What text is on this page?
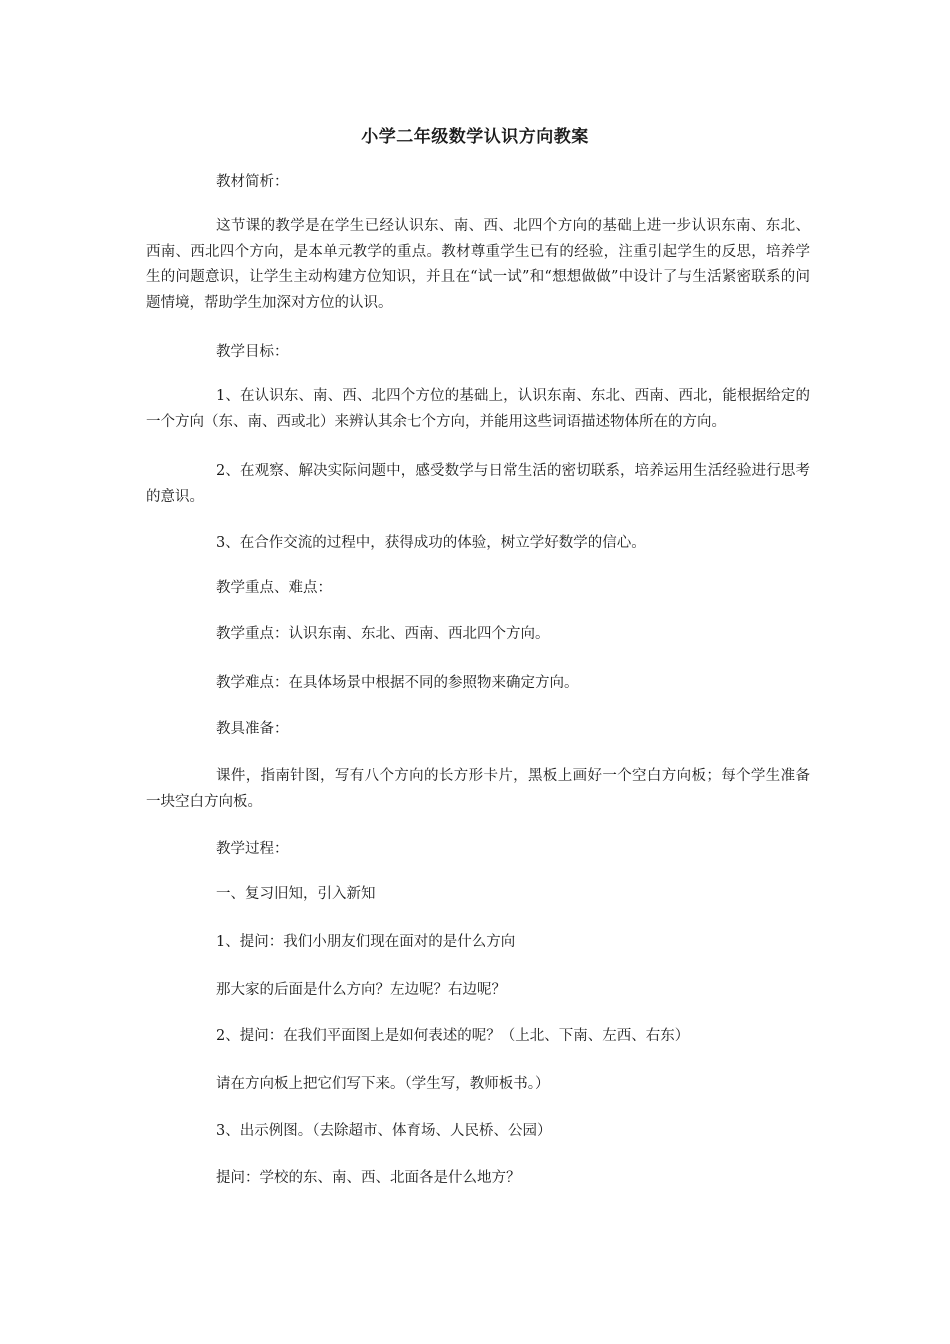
小学二年级数学认识方向教案

教材简析：

这节课的教学是在学生已经认识东、南、西、北四个方向的基础上进一步认识东南、东北、西南、西北四个方向，是本单元教学的重点。教材尊重学生已有的经验，注重引起学生的反思，培养学生的问题意识，让学生主动构建方位知识，并且在“试一试”和“想想做做”中设计了与生活紧密联系的问题情境，帮助学生加深对方位的认识。

教学目标：

1、在认识东、南、西、北四个方位的基础上，认识东南、东北、西南、西北，能根据给定的一个方向（东、南、西或北）来辨认其余七个方向，并能用这些词语描述物体所在的方向。

2、在观察、解决实际问题中，感受数学与日常生活的密切联系，培养运用生活经验进行思考的意识。

3、在合作交流的过程中，获得成功的体验，树立学好数学的信心。

教学重点、难点：

教学重点：认识东南、东北、西南、西北四个方向。

教学难点：在具体场景中根据不同的参照物来确定方向。

教具准备：

课件，指南针图，写有八个方向的长方形卡片，黑板上画好一个空白方向板；每个学生准备一块空白方向板。

教学过程：

一、复习旧知，引入新知

1、提问：我们小朋友们现在面对的是什么方向

那大家的后面是什么方向？左边呢？右边呢？

2、提问：在我们平面图上是如何表述的呢？（上北、下南、左西、右东）

请在方向板上把它们写下来。（学生写，教师板书。）

3、出示例图。（去除超市、体育场、人民桥、公园）

提问：学校的东、南、西、北面各是什么地方？
